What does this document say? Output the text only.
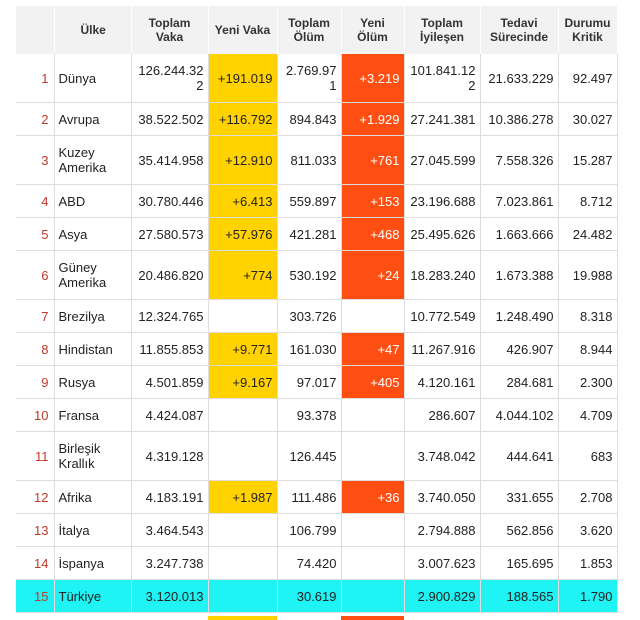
	Ülke	Toplam Vaka	Yeni Vaka	Toplam Ölüm	Yeni Ölüm	Toplam İyileşen	Tedavi Sürecinde	Durumu Kritik
1	Dünya	126.244.322	+191.019	2.769.971	+3.219	101.841.122	21.633.229	92.497
2	Avrupa	38.522.502	+116.792	894.843	+1.929	27.241.381	10.386.278	30.027
3	Kuzey Amerika	35.414.958	+12.910	811.033	+761	27.045.599	7.558.326	15.287
4	ABD	30.780.446	+6.413	559.897	+153	23.196.688	7.023.861	8.712
5	Asya	27.580.573	+57.976	421.281	+468	25.495.626	1.663.666	24.482
6	Güney Amerika	20.486.820	+774	530.192	+24	18.283.240	1.673.388	19.988
7	Brezilya	12.324.765		303.726		10.772.549	1.248.490	8.318
8	Hindistan	11.855.853	+9.771	161.030	+47	11.267.916	426.907	8.944
9	Rusya	4.501.859	+9.167	97.017	+405	4.120.161	284.681	2.300
10	Fransa	4.424.087		93.378		286.607	4.044.102	4.709
11	Birleşik Krallık	4.319.128		126.445		3.748.042	444.641	683
12	Afrika	4.183.191	+1.987	111.486	+36	3.740.050	331.655	2.708
13	İtalya	3.464.543		106.799		2.794.888	562.856	3.620
14	İspanya	3.247.738		74.420		3.007.623	165.695	1.853
15	Türkiye	3.120.013		30.619		2.900.829	188.565	1.790
